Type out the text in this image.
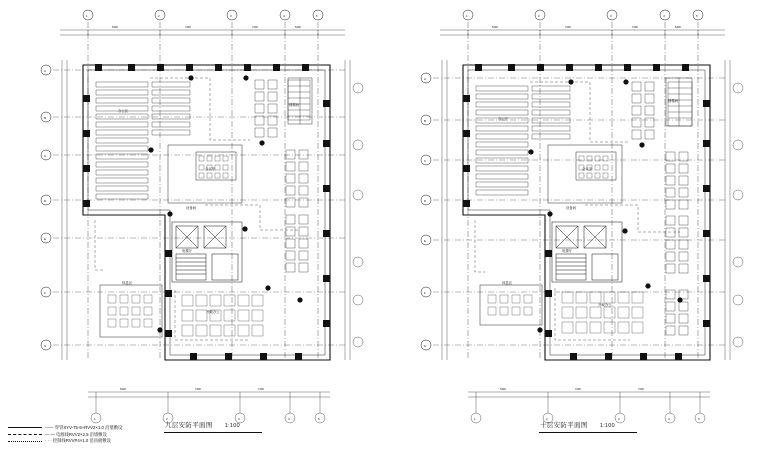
办公区
会议室
设备间
电梯厅
休息区
开敞办公
楼梯间
1	2	3	4	5
A
B
C
D
E
F
G
1	2	3	4	5
5400	7200	7200	5400
5400	7200	7200
九层安防平面图 1:100
—— 穿管SYV-75-5+RVV2×1.0 沿墙敷设
— — 电源线RVV2×2.5 沿墙敷设
· · · 控制线RVVP4×1.0 沿顶板敷设
办公区
会议室
设备间
电梯厅
休息区
开敞办公
楼梯间
1	2	3	4	5
A
B
C
D
E
F
G
1	2	3	4	5
5400	7200	7200	5400
5400	7200	7200
十层安防平面图 1:100
